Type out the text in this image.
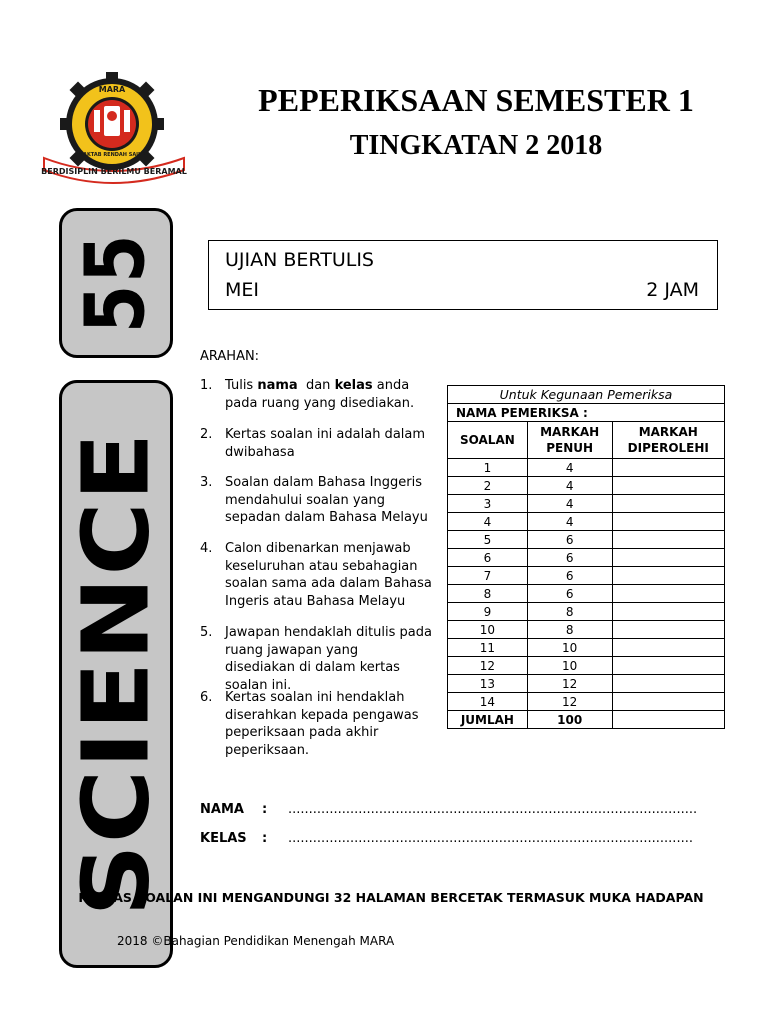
MARA
MAKTAB RENDAH SAINS
BERDISIPLIN BERILMU BERAMAL
PEPERIKSAAN SEMESTER 1
TINGKATAN 2 2018
55
SCIENCE
UJIAN BERTULIS
MEI	2 JAM
ARAHAN:
1. Tulis nama  dan kelas anda pada ruang yang disediakan.
2. Kertas soalan ini adalah dalam dwibahasa
3. Soalan dalam Bahasa Inggeris mendahului soalan yang sepadan dalam Bahasa Melayu
4. Calon dibenarkan menjawab keseluruhan atau sebahagian soalan sama ada dalam Bahasa Ingeris atau Bahasa Melayu
5. Jawapan hendaklah ditulis pada ruang jawapan yang disediakan di dalam kertas soalan ini.
6. Kertas soalan ini hendaklah diserahkan kepada pengawas peperiksaan pada akhir peperiksaan.
Untuk Kegunaan Pemeriksa		
NAMA PEMERIKSA :		
SOALAN	MARKAH PENUH	MARKAH DIPEROLEHI
1	4	
2	4	
3	4	
4	4	
5	6	
6	6	
7	6	
8	6	
9	8	
10	8	
11	10	
12	10	
13	12	
14	12	
JUMLAH	100	
NAMA : ...................................................................................................
KELAS : ..................................................................................................
KERTAS SOALAN INI MENGANDUNGI 32 HALAMAN BERCETAK TERMASUK MUKA HADAPAN
2018 ©Bahagian Pendidikan Menengah MARA
